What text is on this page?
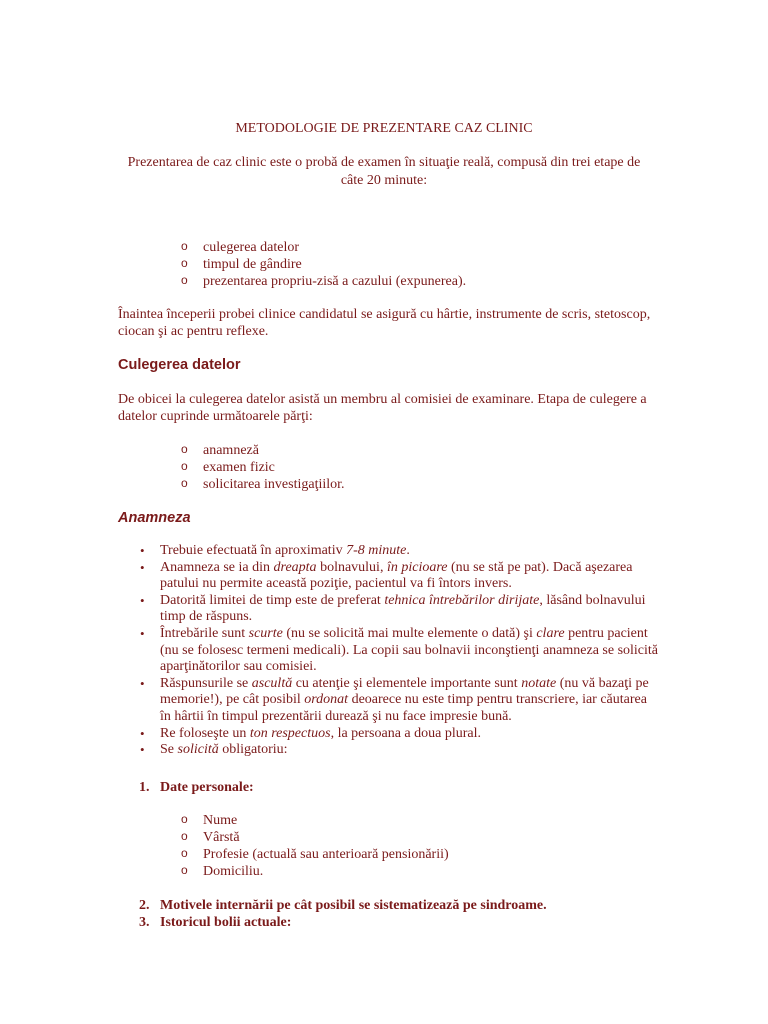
METODOLOGIE DE PREZENTARE CAZ CLINIC
Prezentarea de caz clinic este o probă de examen în situaţie reală, compusă din trei etape de câte 20 minute:
o culegerea datelor
o timpul de gândire
o prezentarea propriu-zisă a cazului (expunerea).
Înaintea începerii probei clinice candidatul se asigură cu hârtie, instrumente de scris, stetoscop, ciocan şi ac pentru reflexe.
Culegerea datelor
De obicei la culegerea datelor asistă un membru al comisiei de examinare. Etapa de culegere a datelor cuprinde următoarele părţi:
o anamneză
o examen fizic
o solicitarea investigaţiilor.
Anamneza
• Trebuie efectuată în aproximativ 7-8 minute.
• Anamneza se ia din dreapta bolnavului, în picioare (nu se stă pe pat). Dacă aşezarea patului nu permite această poziţie, pacientul va fi întors invers.
• Datorită limitei de timp este de preferat tehnica întrebărilor dirijate, lăsând bolnavului timp de răspuns.
• Întrebările sunt scurte (nu se solicită mai multe elemente o dată) şi clare pentru pacient (nu se folosesc termeni medicali). La copii sau bolnavii inconştienţi anamneza se solicită aparţinătorilor sau comisiei.
• Răspunsurile se ascultă cu atenţie şi elementele importante sunt notate (nu vă bazaţi pe memorie!), pe cât posibil ordonat deoarece nu este timp pentru transcriere, iar căutarea în hârtii în timpul prezentării durează şi nu face impresie bună.
• Re foloseşte un ton respectuos, la persoana a doua plural.
• Se solicită obligatoriu:
1. Date personale:
o Nume
o Vârstă
o Profesie (actuală sau anterioară pensionării)
o Domiciliu.
2. Motivele internării pe cât posibil se sistematizează pe sindroame.
3. Istoricul bolii actuale:
